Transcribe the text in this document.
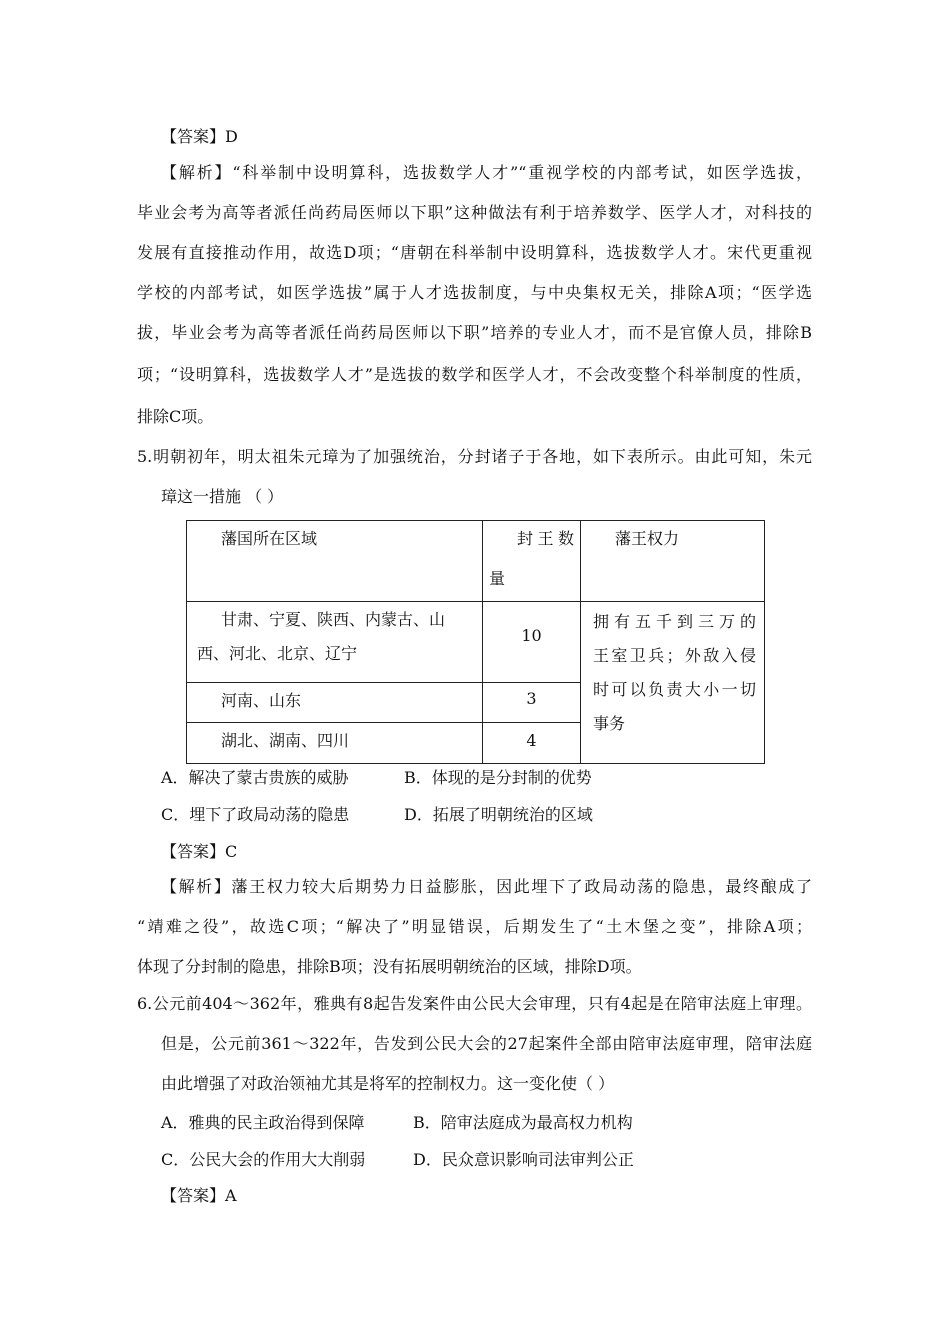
【答案】D
【解析】“科举制中设明算科，选拔数学人才”“重视学校的内部考试，如医学选拔，
毕业会考为高等者派任尚药局医师以下职”这种做法有利于培养数学、医学人才，对科技的
发展有直接推动作用，故选D项；“唐朝在科举制中设明算科，选拔数学人才。宋代更重视
学校的内部考试，如医学选拔”属于人才选拔制度，与中央集权无关，排除A项；“医学选
拔，毕业会考为高等者派任尚药局医师以下职”培养的专业人才，而不是官僚人员，排除B
项；“设明算科，选拔数学人才”是选拔的数学和医学人才，不会改变整个科举制度的性质，
排除C项。
5.明朝初年，明太祖朱元璋为了加强统治，分封诸子于各地，如下表所示。由此可知，朱元
璋这一措施 （ ）
藩国所在区域	封王数
量	藩王权力

甘肃、宁夏、陕西、内蒙古、山
西、河北、北京、辽宁	10	拥有五千到三万的
王室卫兵；外敌入侵
时可以负责大小一切
事务

河南、山东	3	
湖北、湖南、四川	4	
A．解决了蒙古贵族的威胁	B．体现的是分封制的优势
C．埋下了政局动荡的隐患	D．拓展了明朝统治的区域
【答案】C
【解析】藩王权力较大后期势力日益膨胀，因此埋下了政局动荡的隐患，最终酿成了
“靖难之役”，故选C项；“解决了”明显错误，后期发生了“土木堡之变”，排除A项；
体现了分封制的隐患，排除B项；没有拓展明朝统治的区域，排除D项。
6.公元前404～362年，雅典有8起告发案件由公民大会审理，只有4起是在陪审法庭上审理。
但是，公元前361～322年，告发到公民大会的27起案件全部由陪审法庭审理，陪审法庭
由此增强了对政治领袖尤其是将军的控制权力。这一变化使（ ）
A．雅典的民主政治得到保障	B．陪审法庭成为最高权力机构
C．公民大会的作用大大削弱	D．民众意识影响司法审判公正
【答案】A
